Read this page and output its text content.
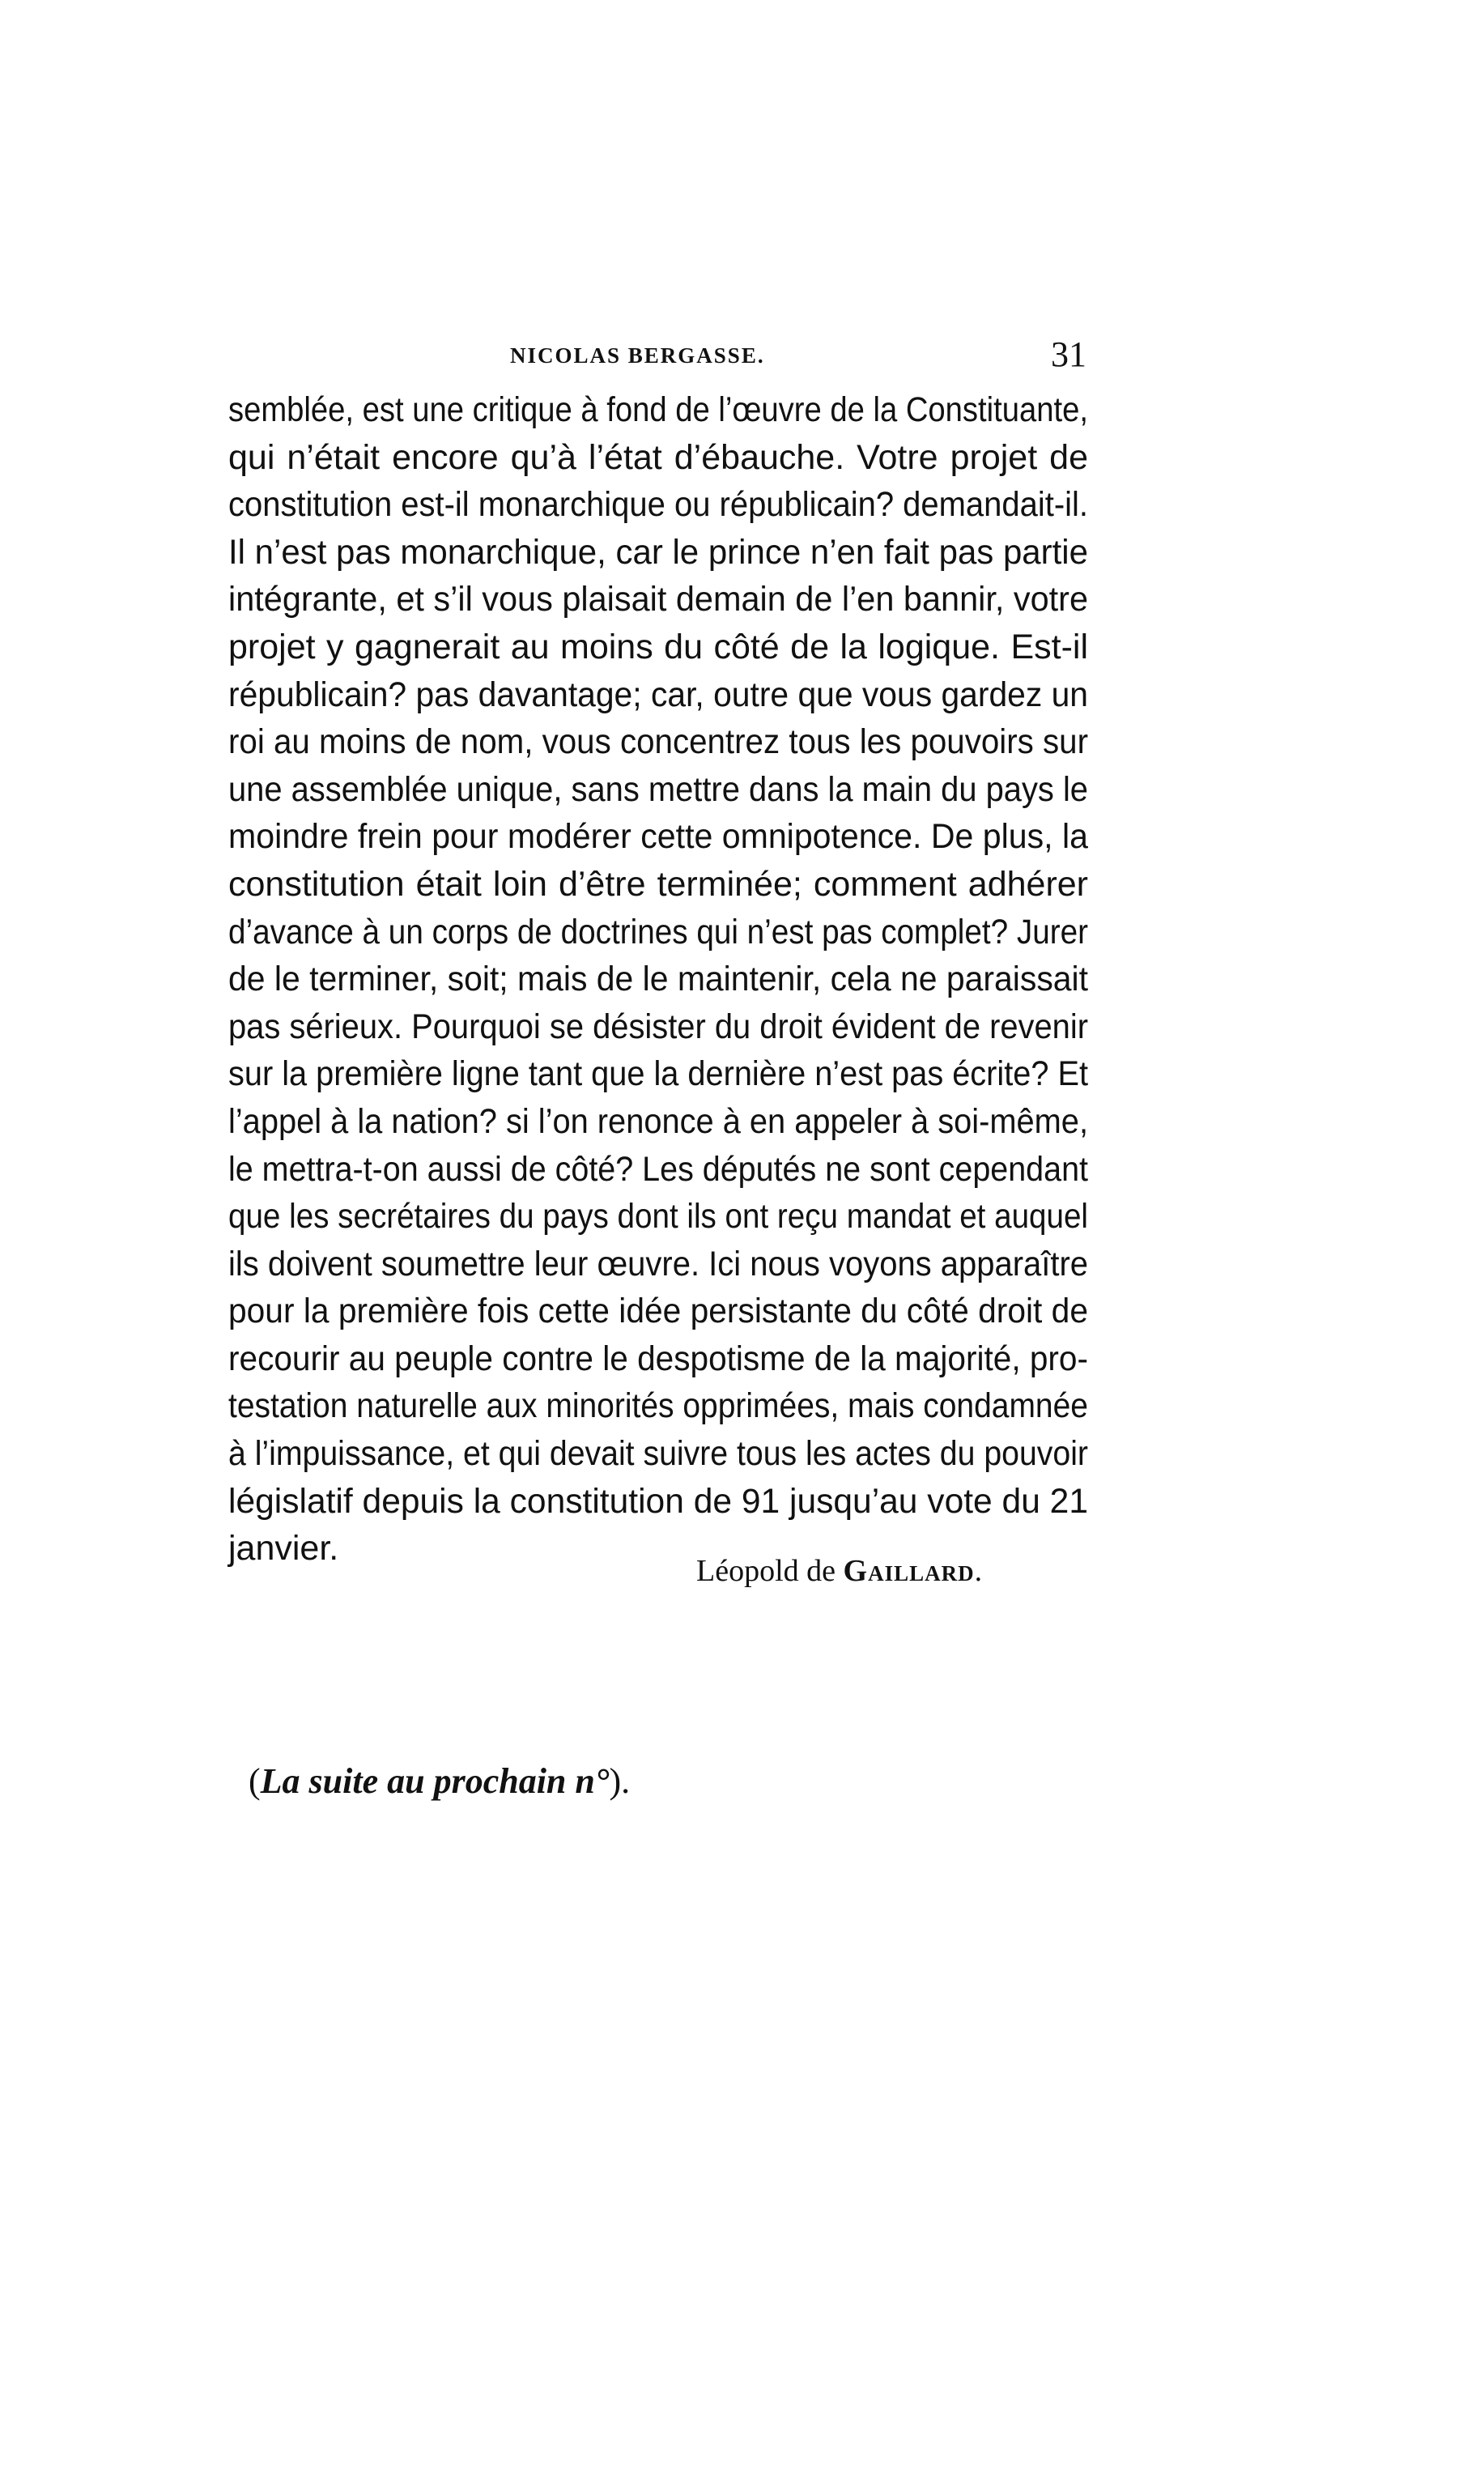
NICOLAS BERGASSE.	31
semblée, est une critique à fond de l’œuvre de la Constituante,
qui n’était encore qu’à l’état d’ébauche. Votre projet de
constitution est-il monarchique ou républicain? demandait-il.
Il n’est pas monarchique, car le prince n’en fait pas partie
intégrante, et s’il vous plaisait demain de l’en bannir, votre
projet y gagnerait au moins du côté de la logique. Est-il
républicain? pas davantage; car, outre que vous gardez un
roi au moins de nom, vous concentrez tous les pouvoirs sur
une assemblée unique, sans mettre dans la main du pays le
moindre frein pour modérer cette omnipotence. De plus, la
constitution était loin d’être terminée; comment adhérer
d’avance à un corps de doctrines qui n’est pas complet? Jurer
de le terminer, soit; mais de le maintenir, cela ne paraissait
pas sérieux. Pourquoi se désister du droit évident de revenir
sur la première ligne tant que la dernière n’est pas écrite? Et
l’appel à la nation? si l’on renonce à en appeler à soi-même,
le mettra-t-on aussi de côté? Les députés ne sont cependant
que les secrétaires du pays dont ils ont reçu mandat et auquel
ils doivent soumettre leur œuvre. Ici nous voyons apparaître
pour la première fois cette idée persistante du côté droit de
recourir au peuple contre le despotisme de la majorité, pro-
testation naturelle aux minorités opprimées, mais condamnée
à l’impuissance, et qui devait suivre tous les actes du pouvoir
législatif depuis la constitution de 91 jusqu’au vote du 21
janvier.
Léopold de Gaillard.
(La suite au prochain n°).
